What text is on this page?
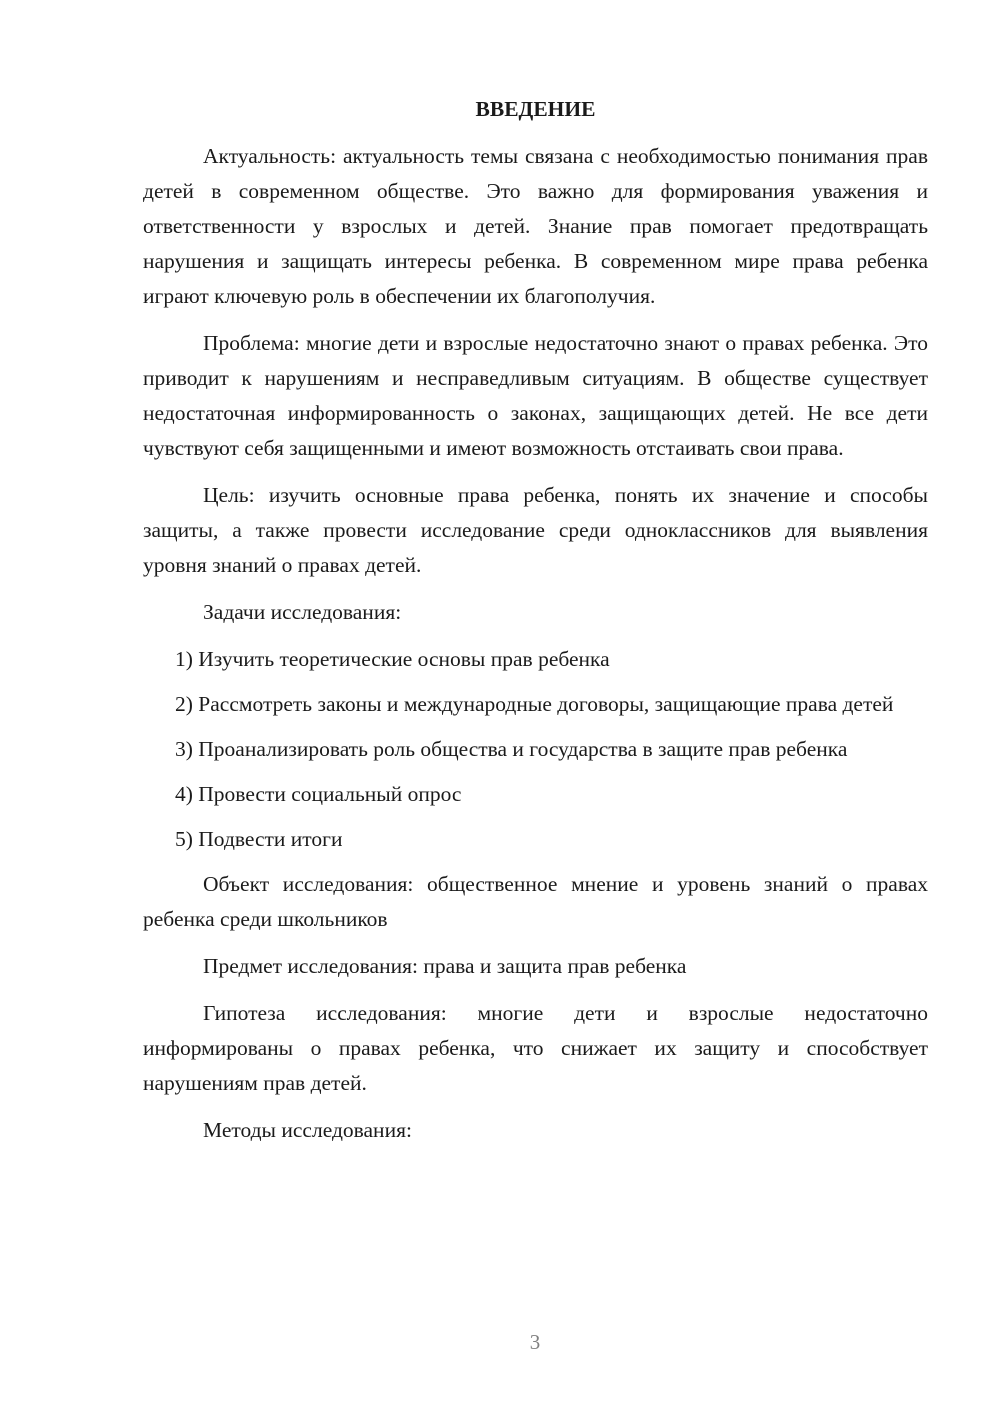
ВВЕДЕНИЕ

Актуальность: актуальность темы связана с необходимостью понимания прав детей в современном обществе. Это важно для формирования уважения и ответственности у взрослых и детей. Знание прав помогает предотвращать нарушения и защищать интересы ребенка. В современном мире права ребенка играют ключевую роль в обеспечении их благополучия.

Проблема: многие дети и взрослые недостаточно знают о правах ребенка. Это приводит к нарушениям и несправедливым ситуациям. В обществе существует недостаточная информированность о законах, защищающих детей. Не все дети чувствуют себя защищенными и имеют возможность отстаивать свои права.

Цель: изучить основные права ребенка, понять их значение и способы защиты, а также провести исследование среди одноклассников для выявления уровня знаний о правах детей.

Задачи исследования:

1) Изучить теоретические основы прав ребенка

2) Рассмотреть законы и международные договоры, защищающие права детей

3) Проанализировать роль общества и государства в защите прав ребенка

4) Провести социальный опрос

5) Подвести итоги

Объект исследования: общественное мнение и уровень знаний о правах ребенка среди школьников

Предмет исследования: права и защита прав ребенка

Гипотеза исследования: многие дети и взрослые недостаточно информированы о правах ребенка, что снижает их защиту и способствует нарушениям прав детей.

Методы исследования:

3
